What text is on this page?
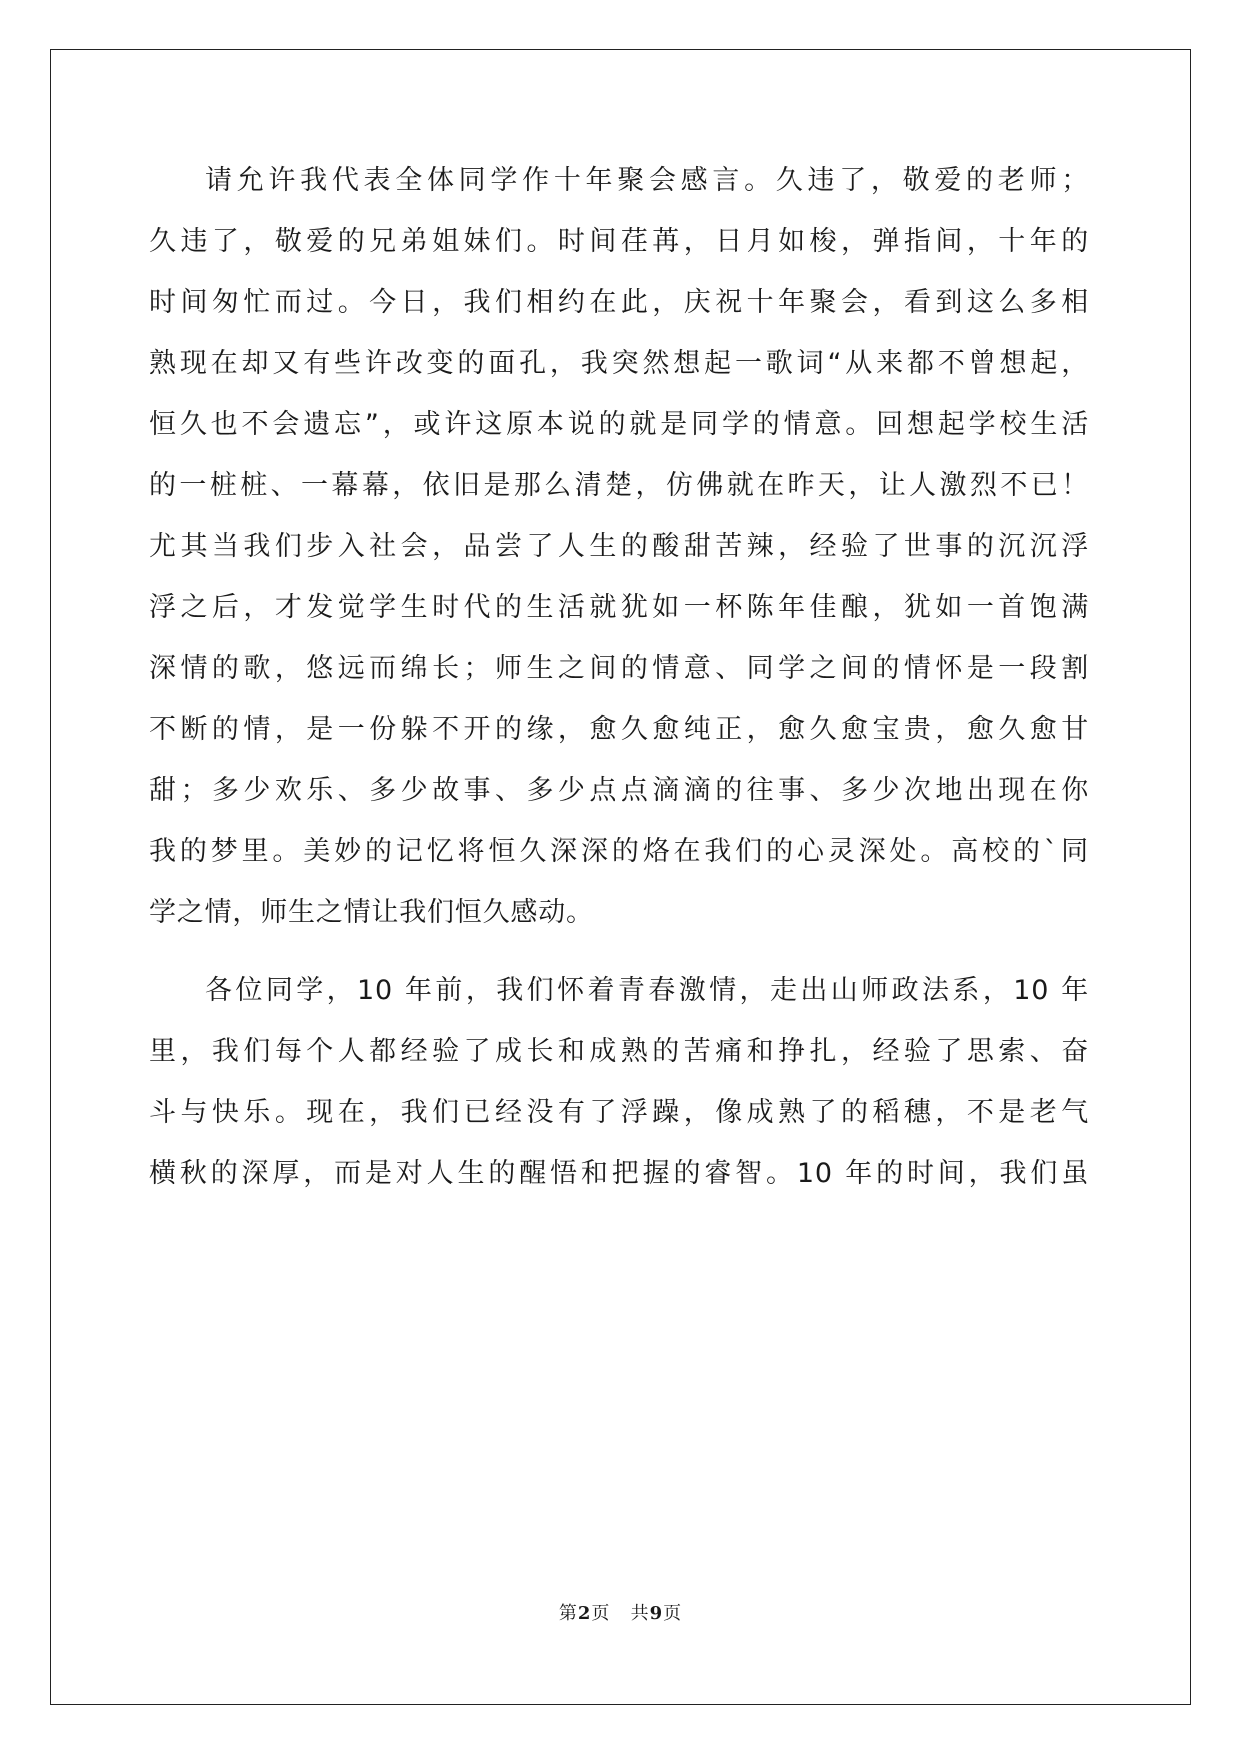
请允许我代表全体同学作十年聚会感言。久违了，敬爱的老师；
久违了，敬爱的兄弟姐妹们。时间荏苒，日月如梭，弹指间，十年的
时间匆忙而过。今日，我们相约在此，庆祝十年聚会，看到这么多相
熟现在却又有些许改变的面孔，我突然想起一歌词“从来都不曾想起，
恒久也不会遗忘”，或许这原本说的就是同学的情意。回想起学校生活
的一桩桩、一幕幕，依旧是那么清楚，仿佛就在昨天，让人激烈不已！
尤其当我们步入社会，品尝了人生的酸甜苦辣，经验了世事的沉沉浮
浮之后，才发觉学生时代的生活就犹如一杯陈年佳酿，犹如一首饱满
深情的歌，悠远而绵长；师生之间的情意、同学之间的情怀是一段割
不断的情，是一份躲不开的缘，愈久愈纯正，愈久愈宝贵，愈久愈甘
甜；多少欢乐、多少故事、多少点点滴滴的往事、多少次地出现在你
我的梦里。美妙的记忆将恒久深深的烙在我们的心灵深处。高校的`同
学之情，师生之情让我们恒久感动。
各位同学，10 年前，我们怀着青春激情，走出山师政法系，10 年
里，我们每个人都经验了成长和成熟的苦痛和挣扎，经验了思索、奋
斗与快乐。现在，我们已经没有了浮躁，像成熟了的稻穗，不是老气
横秋的深厚，而是对人生的醒悟和把握的睿智。10 年的时间，我们虽
第2页   共9页
